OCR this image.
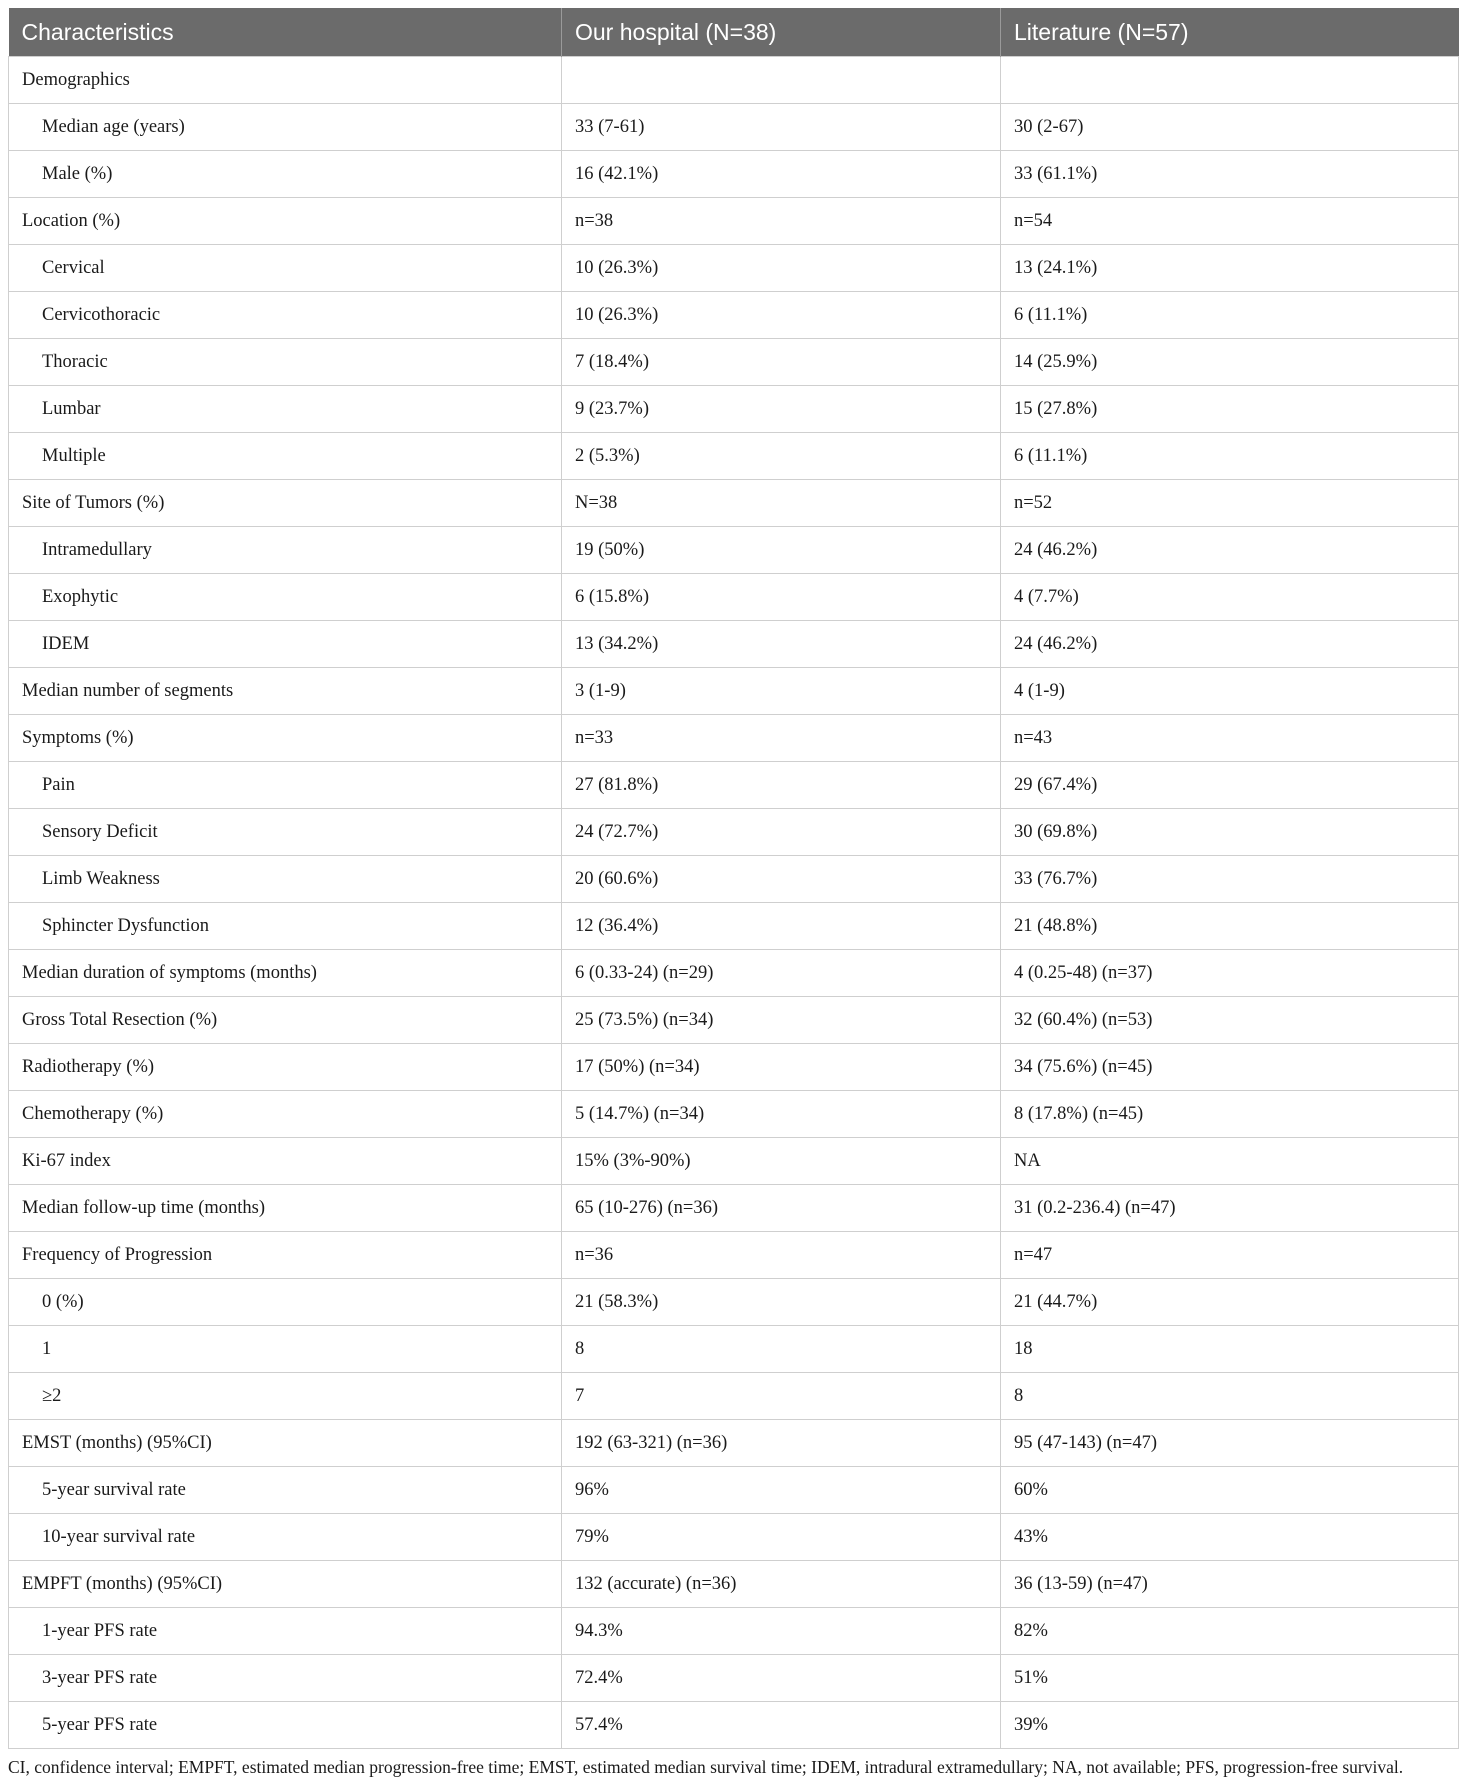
Characteristics	Our hospital (N=38)	Literature (N=57)
Demographics		
Median age (years)	33 (7-61)	30 (2-67)
Male (%)	16 (42.1%)	33 (61.1%)
Location (%)	n=38	n=54
Cervical	10 (26.3%)	13 (24.1%)
Cervicothoracic	10 (26.3%)	6 (11.1%)
Thoracic	7 (18.4%)	14 (25.9%)
Lumbar	9 (23.7%)	15 (27.8%)
Multiple	2 (5.3%)	6 (11.1%)
Site of Tumors (%)	N=38	n=52
Intramedullary	19 (50%)	24 (46.2%)
Exophytic	6 (15.8%)	4 (7.7%)
IDEM	13 (34.2%)	24 (46.2%)
Median number of segments	3 (1-9)	4 (1-9)
Symptoms (%)	n=33	n=43
Pain	27 (81.8%)	29 (67.4%)
Sensory Deficit	24 (72.7%)	30 (69.8%)
Limb Weakness	20 (60.6%)	33 (76.7%)
Sphincter Dysfunction	12 (36.4%)	21 (48.8%)
Median duration of symptoms (months)	6 (0.33-24) (n=29)	4 (0.25-48) (n=37)
Gross Total Resection (%)	25 (73.5%) (n=34)	32 (60.4%) (n=53)
Radiotherapy (%)	17 (50%) (n=34)	34 (75.6%) (n=45)
Chemotherapy (%)	5 (14.7%) (n=34)	8 (17.8%) (n=45)
Ki-67 index	15% (3%-90%)	NA
Median follow-up time (months)	65 (10-276) (n=36)	31 (0.2-236.4) (n=47)
Frequency of Progression	n=36	n=47
0 (%)	21 (58.3%)	21 (44.7%)
1	8	18
≥2	7	8
EMST (months) (95%CI)	192 (63-321) (n=36)	95 (47-143) (n=47)
5-year survival rate	96%	60%
10-year survival rate	79%	43%
EMPFT (months) (95%CI)	132 (accurate) (n=36)	36 (13-59) (n=47)
1-year PFS rate	94.3%	82%
3-year PFS rate	72.4%	51%
5-year PFS rate	57.4%	39%
CI, confidence interval; EMPFT, estimated median progression-free time; EMST, estimated median survival time; IDEM, intradural extramedullary; NA, not available; PFS, progression-free survival.
